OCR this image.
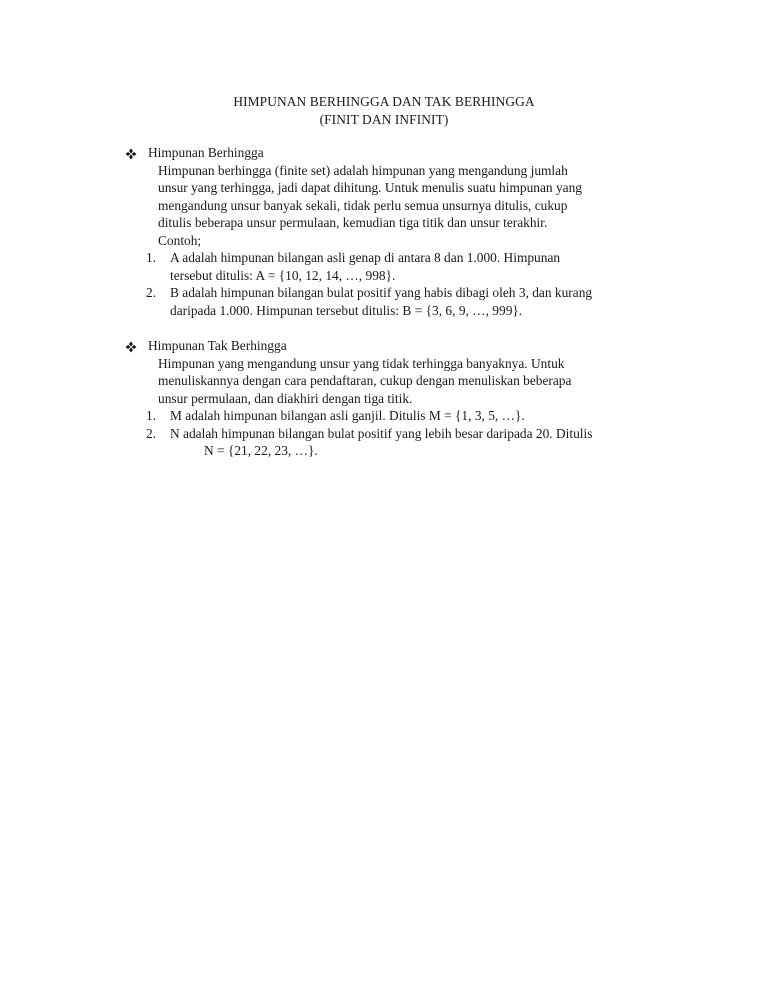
HIMPUNAN BERHINGGA DAN TAK BERHINGGA
(FINIT DAN INFINIT)
Himpunan Berhingga
Himpunan berhingga (finite set) adalah himpunan yang mengandung jumlah
unsur yang terhingga, jadi dapat dihitung. Untuk menulis suatu himpunan yang
mengandung unsur banyak sekali, tidak perlu semua unsurnya ditulis, cukup
ditulis beberapa unsur permulaan, kemudian tiga titik dan unsur terakhir.
Contoh;
1. A adalah himpunan bilangan asli genap di antara 8 dan 1.000. Himpunan
tersebut ditulis: A = {10, 12, 14, …, 998}.
2. B adalah himpunan bilangan bulat positif yang habis dibagi oleh 3, dan kurang
daripada 1.000. Himpunan tersebut ditulis: B = {3, 6, 9, …, 999}.
Himpunan Tak Berhingga
Himpunan yang mengandung unsur yang tidak terhingga banyaknya. Untuk
menuliskannya dengan cara pendaftaran, cukup dengan menuliskan beberapa
unsur permulaan, dan diakhiri dengan tiga titik.
1. M adalah himpunan bilangan asli ganjil. Ditulis M = {1, 3, 5, …}.
2. N adalah himpunan bilangan bulat positif yang lebih besar daripada 20. Ditulis
N = {21, 22, 23, …}.
